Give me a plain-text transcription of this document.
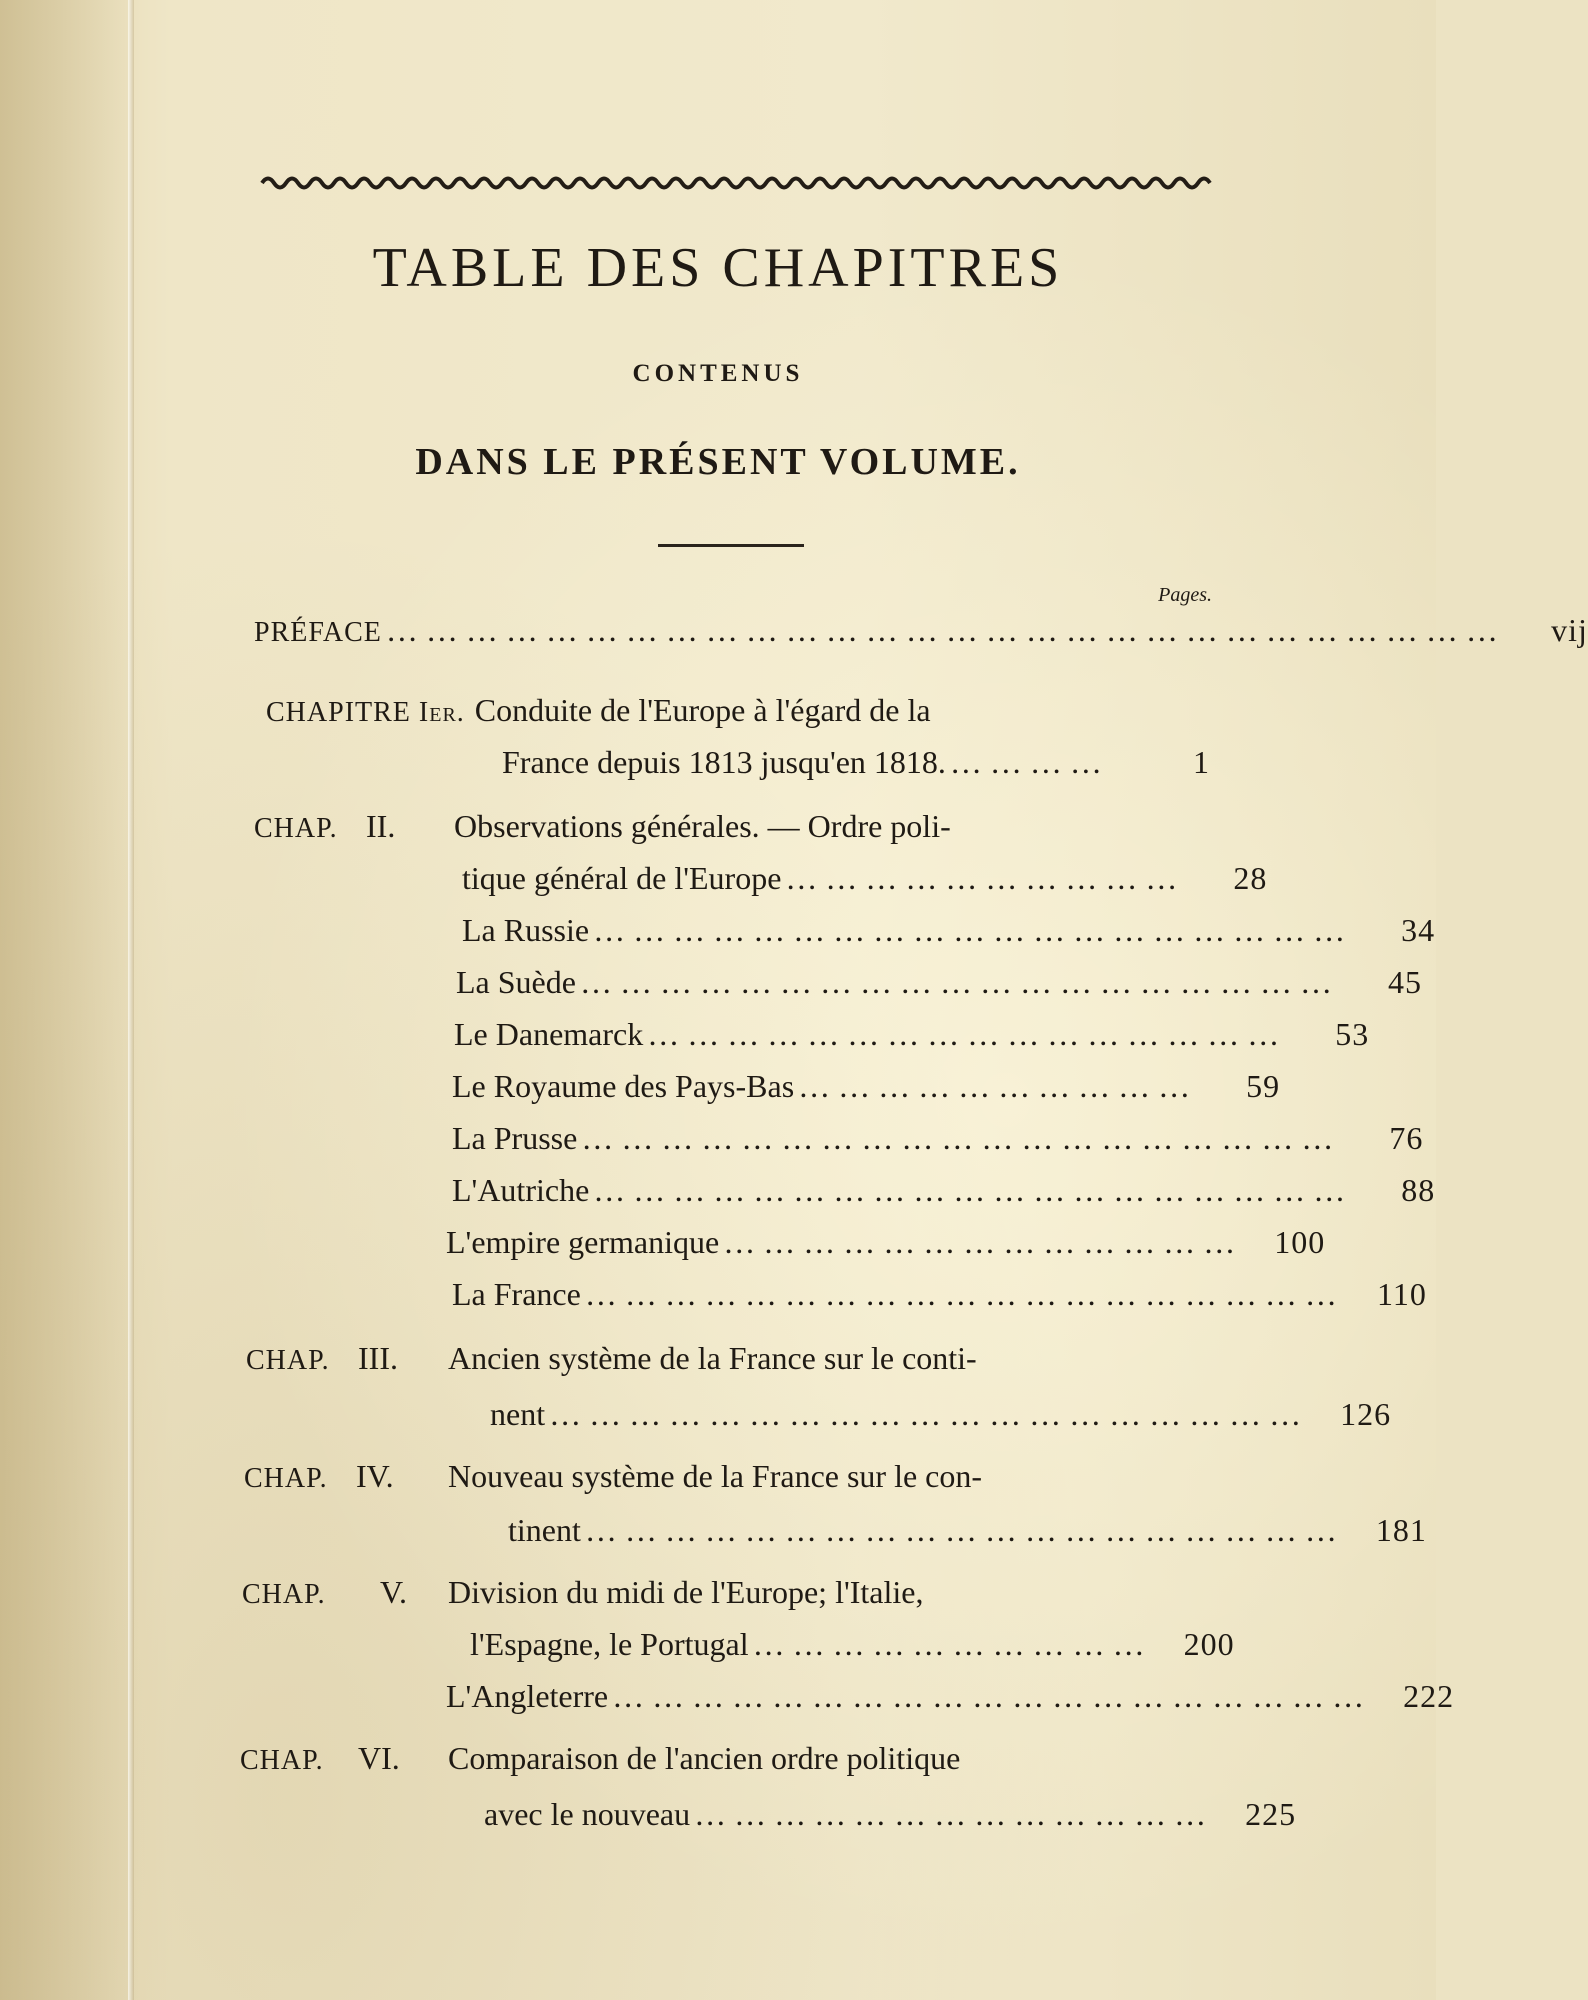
TABLE DES CHAPITRES
CONTENUS
DANS LE PRÉSENT VOLUME.
Pages.
PRÉFACE …………………………………………………………………………	vij
CHAPITRE Ier. Conduite de l'Europe à l'égard de la
France depuis 1813 jusqu'en 1818. …………	1
CHAP. II.	Observations générales. — Ordre poli-
tique général de l'Europe …………………………	28
La Russie …………………………………………………	34
La Suède …………………………………………………	45
Le Danemarck …………………………………………	53
Le Royaume des Pays-Bas …………………………	59
La Prusse …………………………………………………	76
L'Autriche …………………………………………………	88
L'empire germanique ………………………………… 100
La France …………………………………………………	110
CHAP. III.	Ancien système de la France sur le conti-
nent ………………………………………………… 126
CHAP. IV.	Nouveau système de la France sur le con-
tinent ………………………………………………… 181
CHAP.	V.	Division du midi de l'Europe; l'Italie,
l'Espagne, le Portugal ………………………… 200
L'Angleterre ………………………………………………… 222
CHAP.	VI.	Comparaison de l'ancien ordre politique
avec le nouveau ………………………………… 225
